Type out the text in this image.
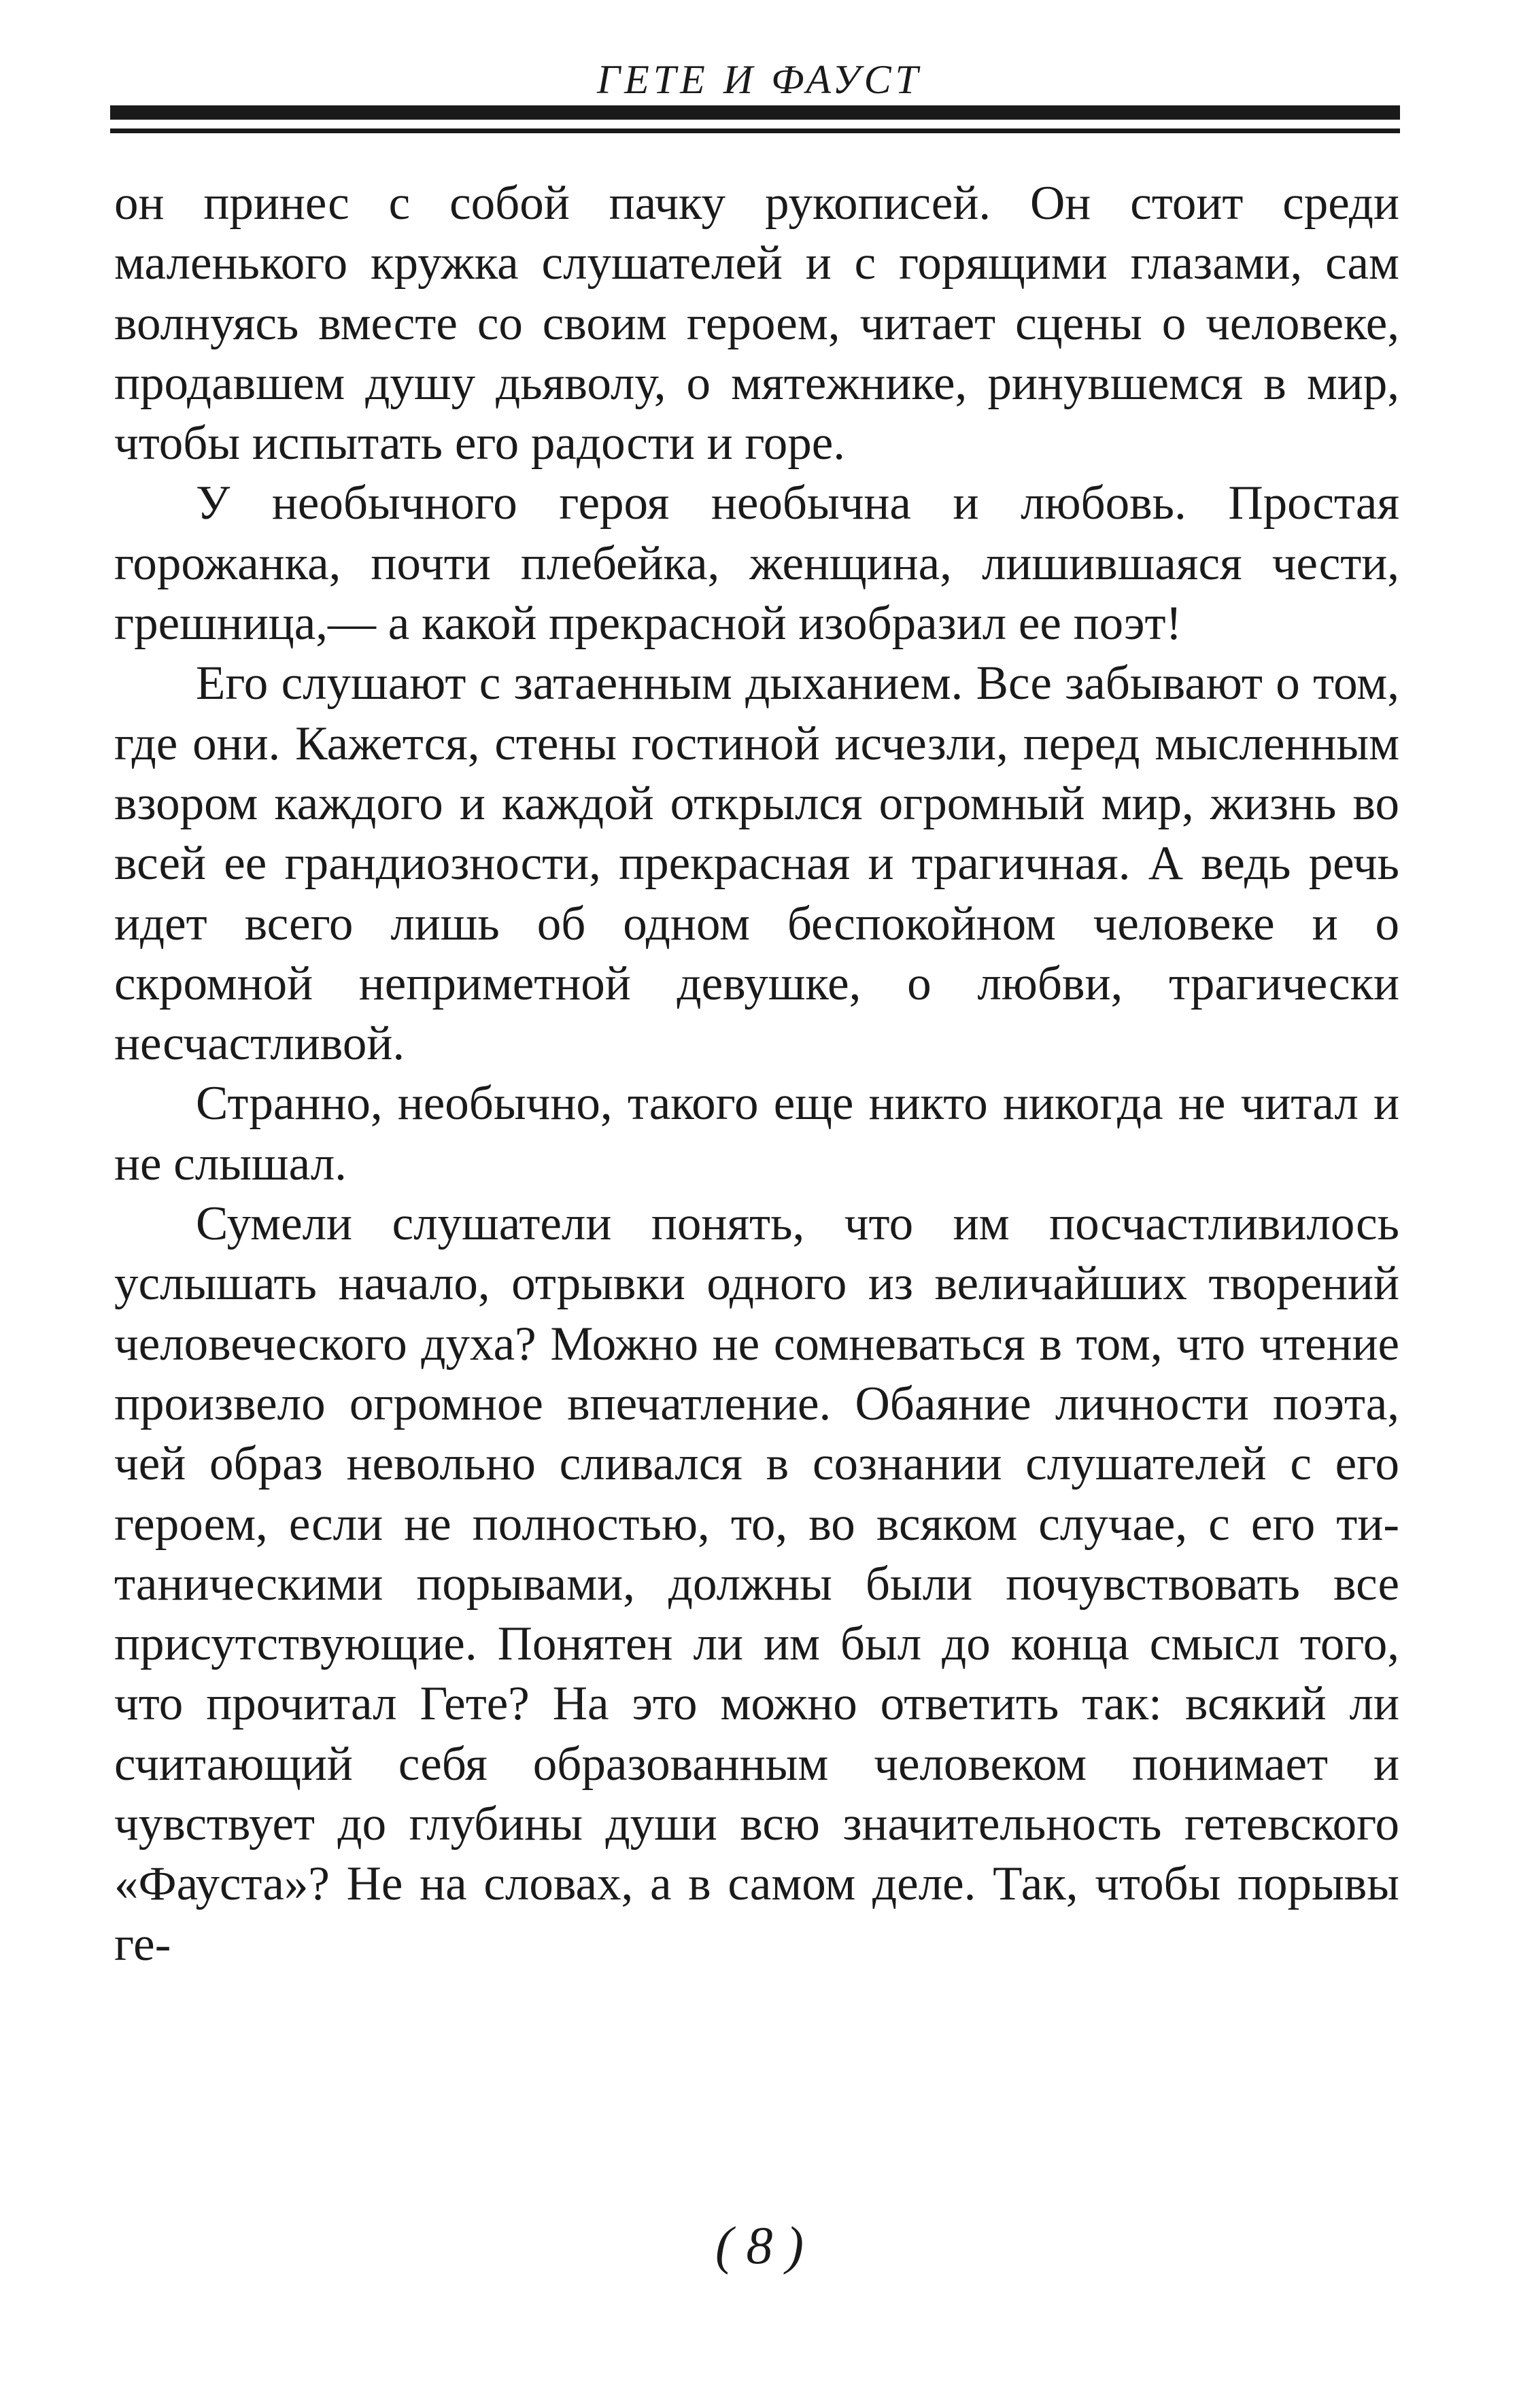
ГЕТЕ И ФАУСТ

он принес с собой пачку рукописей. Он стоит среди маленького кружка слушателей и с горящими глазами, сам волнуясь вместе со своим героем, читает сцены о человеке, продавшем душу дьяволу, о мятежнике, ринувшемся в мир, чтобы испытать его радости и горе.

У необычного героя необычна и любовь. Простая горожанка, почти плебейка, женщина, лишившаяся чести, грешница,— а какой прекрасной изобразил ее поэт!

Его слушают с затаенным дыханием. Все забывают о том, где они. Кажется, стены гостиной исчезли, перед мысленным взором каждого и каждой открылся огромный мир, жизнь во всей ее грандиозности, прекрасная и трагичная. А ведь речь идет всего лишь об одном беспокойном человеке и о скромной неприметной девушке, о любви, трагически несчастливой.

Странно, необычно, такого еще никто никогда не читал и не слышал.

Сумели слушатели понять, что им посчастливилось услышать начало, отрывки одного из величайших творений человеческого духа? Можно не сомневаться в том, что чтение произвело огромное впечатление. Обаяние личности поэта, чей образ невольно сливался в сознании слушателей с его героем, если не полностью, то, во всяком случае, с его титаническими порывами, должны были почувствовать все присутствующие. Понятен ли им был до конца смысл того, что прочитал Гете? На это можно ответить так: всякий ли считающий себя образованным человеком понимает и чувствует до глубины души всю значительность гетевского «Фауста»? Не на словах, а в самом деле. Так, чтобы порывы ге-

( 8 )
